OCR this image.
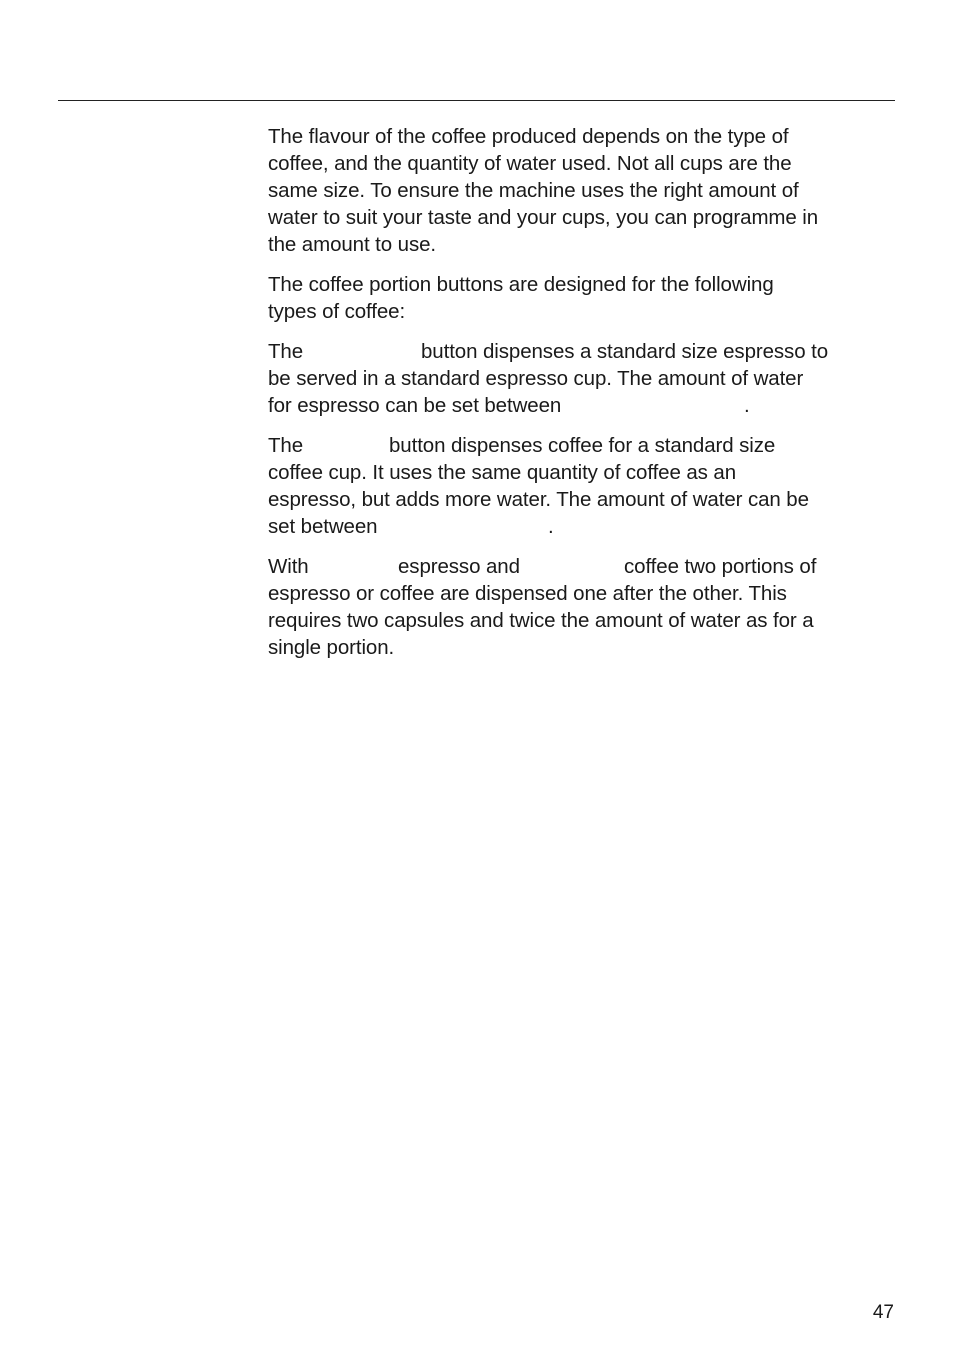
The flavour of the coffee produced depends on the type of
coffee, and the quantity of water used. Not all cups are the
same size. To ensure the machine uses the right amount of
water to suit your taste and your cups, you can programme in
the amount to use.

The coffee portion buttons are designed for the following
types of coffee:

The	button dispenses a standard size espresso to
be served in a standard espresso cup. The amount of water
for espresso can be set between	.

The	button dispenses coffee for a standard size
coffee cup. It uses the same quantity of coffee as an
espresso, but adds more water. The amount of water can be
set between	.

With	espresso and	coffee two portions of
espresso or coffee are dispensed one after the other. This
requires two capsules and twice the amount of water as for a
single portion.

47
